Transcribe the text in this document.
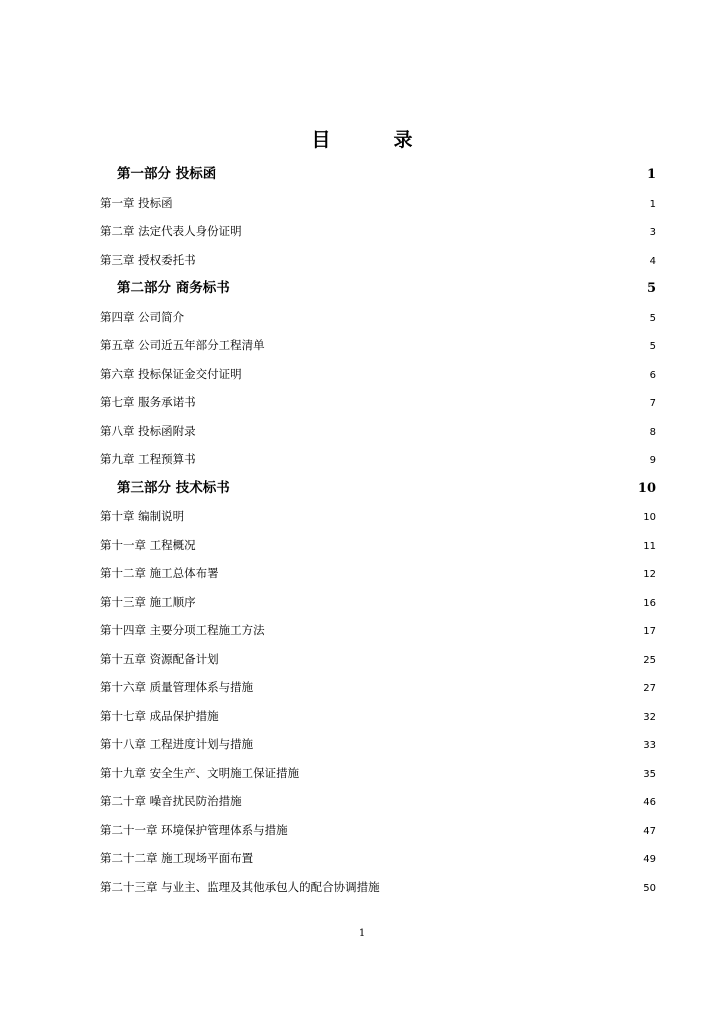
目　录
第一部分 投标函	1
第一章 投标函	1
第二章 法定代表人身份证明	3
第三章 授权委托书	4
第二部分 商务标书	5
第四章 公司简介	5
第五章 公司近五年部分工程清单	5
第六章 投标保证金交付证明	6
第七章 服务承诺书	7
第八章 投标函附录	8
第九章 工程预算书	9
第三部分 技术标书	10
第十章 编制说明	10
第十一章 工程概况	11
第十二章 施工总体布署	12
第十三章 施工顺序	16
第十四章 主要分项工程施工方法	17
第十五章 资源配备计划	25
第十六章 质量管理体系与措施	27
第十七章 成品保护措施	32
第十八章 工程进度计划与措施	33
第十九章 安全生产、文明施工保证措施	35
第二十章 噪音扰民防治措施	46
第二十一章 环境保护管理体系与措施	47
第二十二章 施工现场平面布置	49
第二十三章 与业主、监理及其他承包人的配合协调措施	50
1
